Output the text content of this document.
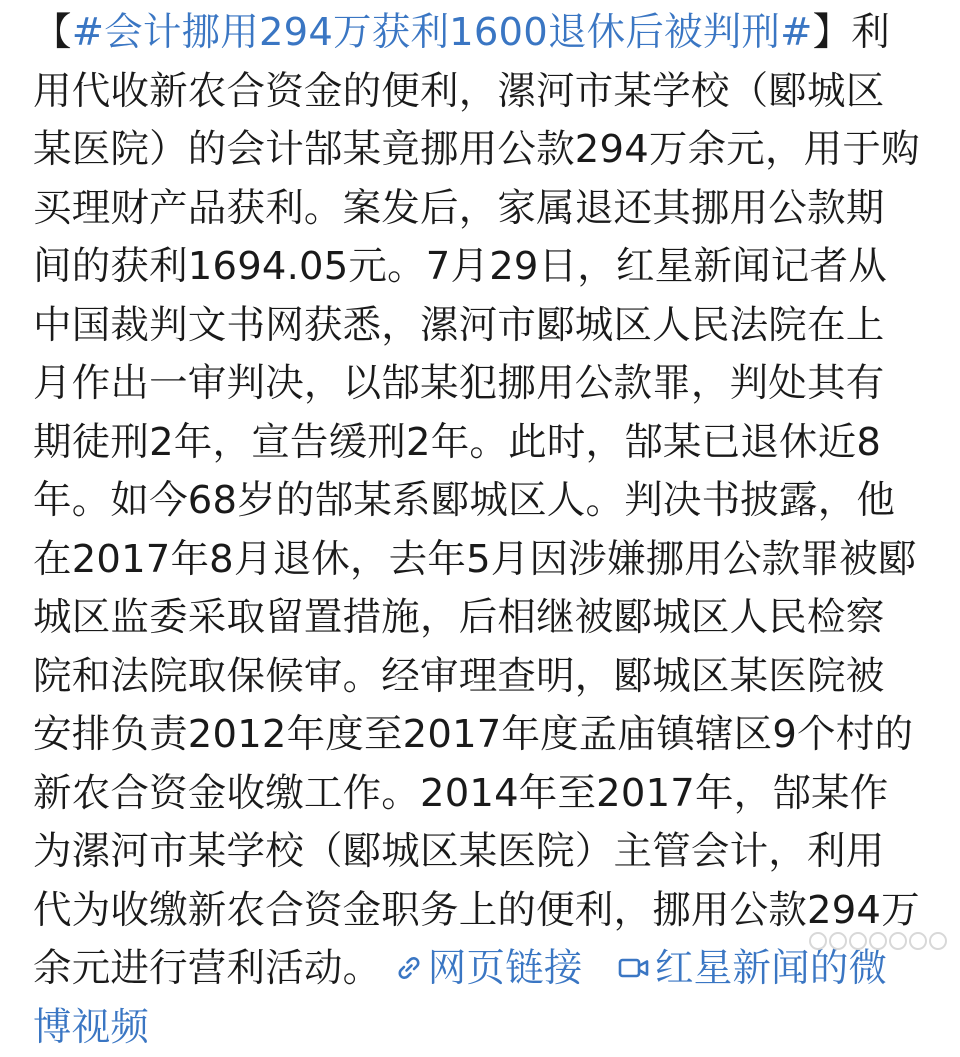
【#会计挪用294万获利1600退休后被判刑#】利用代收新农合资金的便利，漯河市某学校（郾城区某医院）的会计郜某竟挪用公款294万余元，用于购买理财产品获利。案发后，家属退还其挪用公款期间的获利1694.05元。7月29日，红星新闻记者从中国裁判文书网获悉，漯河市郾城区人民法院在上月作出一审判决，以郜某犯挪用公款罪，判处其有期徒刑2年，宣告缓刑2年。此时，郜某已退休近8年。如今68岁的郜某系郾城区人。判决书披露，他在2017年8月退休，去年5月因涉嫌挪用公款罪被郾城区监委采取留置措施，后相继被郾城区人民检察院和法院取保候审。经审理查明，郾城区某医院被安排负责2012年度至2017年度孟庙镇辖区9个村的新农合资金收缴工作。2014年至2017年，郜某作为漯河市某学校（郾城区某医院）主管会计，利用代为收缴新农合资金职务上的便利，挪用公款294万余元进行营利活动。 网页链接 红星新闻的微博视频
